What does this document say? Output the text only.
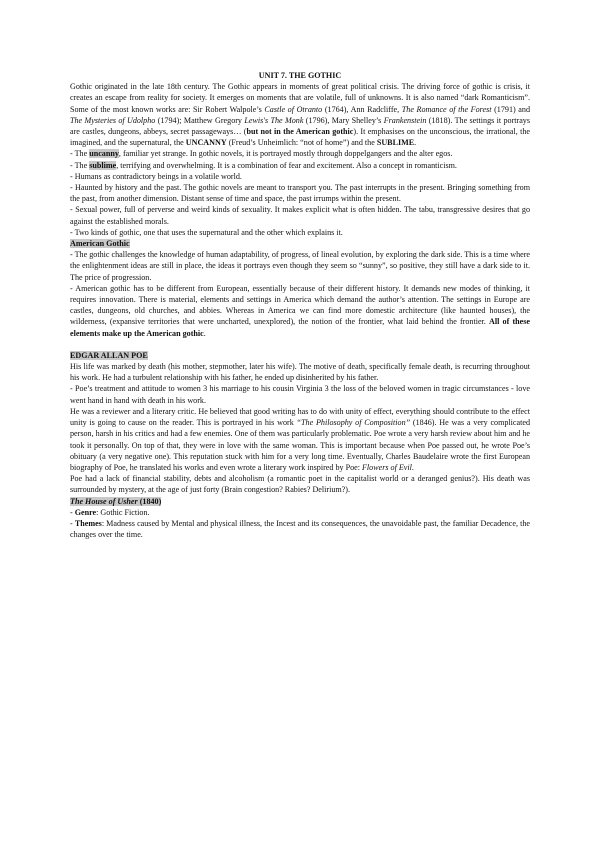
UNIT 7. THE GOTHIC

Gothic originated in the late 18th century. The Gothic appears in moments of great political crisis. The driving force of gothic is crisis, it creates an escape from reality for society. It emerges on moments that are volatile, full of unknowns. It is also named “dark Romanticism”. Some of the most known works are: Sir Robert Walpole’s Castle of Otranto (1764), Ann Radcliffe, The Romance of the Forest (1791) and The Mysteries of Udolpho (1794); Matthew Gregory Lewis's The Monk (1796), Mary Shelley’s Frankenstein (1818). The settings it portrays are castles, dungeons, abbeys, secret passageways… (but not in the American gothic). It emphasises on the unconscious, the irrational, the imagined, and the supernatural, the UNCANNY (Freud’s Unheimlich: “not of home”) and the SUBLIME.

- The uncanny, familiar yet strange. In gothic novels, it is portrayed mostly through doppelgangers and the alter egos.

- The sublime, terrifying and overwhelming. It is a combination of fear and excitement. Also a concept in romanticism.

- Humans as contradictory beings in a volatile world.

- Haunted by history and the past. The gothic novels are meant to transport you. The past interrupts in the present. Bringing something from the past, from another dimension. Distant sense of time and space, the past irrumps within the present.

- Sexual power, full of perverse and weird kinds of sexuality. It makes explicit what is often hidden. The tabu, transgressive desires that go against the established morals.

- Two kinds of gothic, one that uses the supernatural and the other which explains it.

American Gothic

- The gothic challenges the knowledge of human adaptability, of progress, of lineal evolution, by exploring the dark side. This is a time where the enlightenment ideas are still in place, the ideas it portrays even though they seem so “sunny”, so positive, they still have a dark side to it. The price of progression.

- American gothic has to be different from European, essentially because of their different history. It demands new modes of thinking, it requires innovation. There is material, elements and settings in America which demand the author’s attention. The settings in Europe are castles, dungeons, old churches, and abbies. Whereas in America we can find more domestic architecture (like haunted houses), the wilderness, (expansive territories that were uncharted, unexplored), the notion of the frontier, what laid behind the frontier. All of these elements make up the American gothic.

EDGAR ALLAN POE

His life was marked by death (his mother, stepmother, later his wife). The motive of death, specifically female death, is recurring throughout his work. He had a turbulent relationship with his father, he ended up disinherited by his father.

- Poe’s treatment and attitude to women 3 his marriage to his cousin Virginia 3 the loss of the beloved women in tragic circumstances - love went hand in hand with death in his work.

He was a reviewer and a literary critic. He believed that good writing has to do with unity of effect, everything should contribute to the effect unity is going to cause on the reader. This is portrayed in his work “The Philosophy of Composition” (1846). He was a very complicated person, harsh in his critics and had a few enemies. One of them was particularly problematic. Poe wrote a very harsh review about him and he took it personally. On top of that, they were in love with the same woman. This is important because when Poe passed out, he wrote Poe’s obituary (a very negative one). This reputation stuck with him for a very long time. Eventually, Charles Baudelaire wrote the first European biography of Poe, he translated his works and even wrote a literary work inspired by Poe: Flowers of Evil.

Poe had a lack of financial stability, debts and alcoholism (a romantic poet in the capitalist world or a deranged genius?). His death was surrounded by mystery, at the age of just forty (Brain congestion? Rabies? Delirium?).

The House of Usher (1840)

- Genre: Gothic Fiction.

- Themes: Madness caused by Mental and physical illness, the Incest and its consequences, the unavoidable past, the familiar Decadence, the changes over the time.
